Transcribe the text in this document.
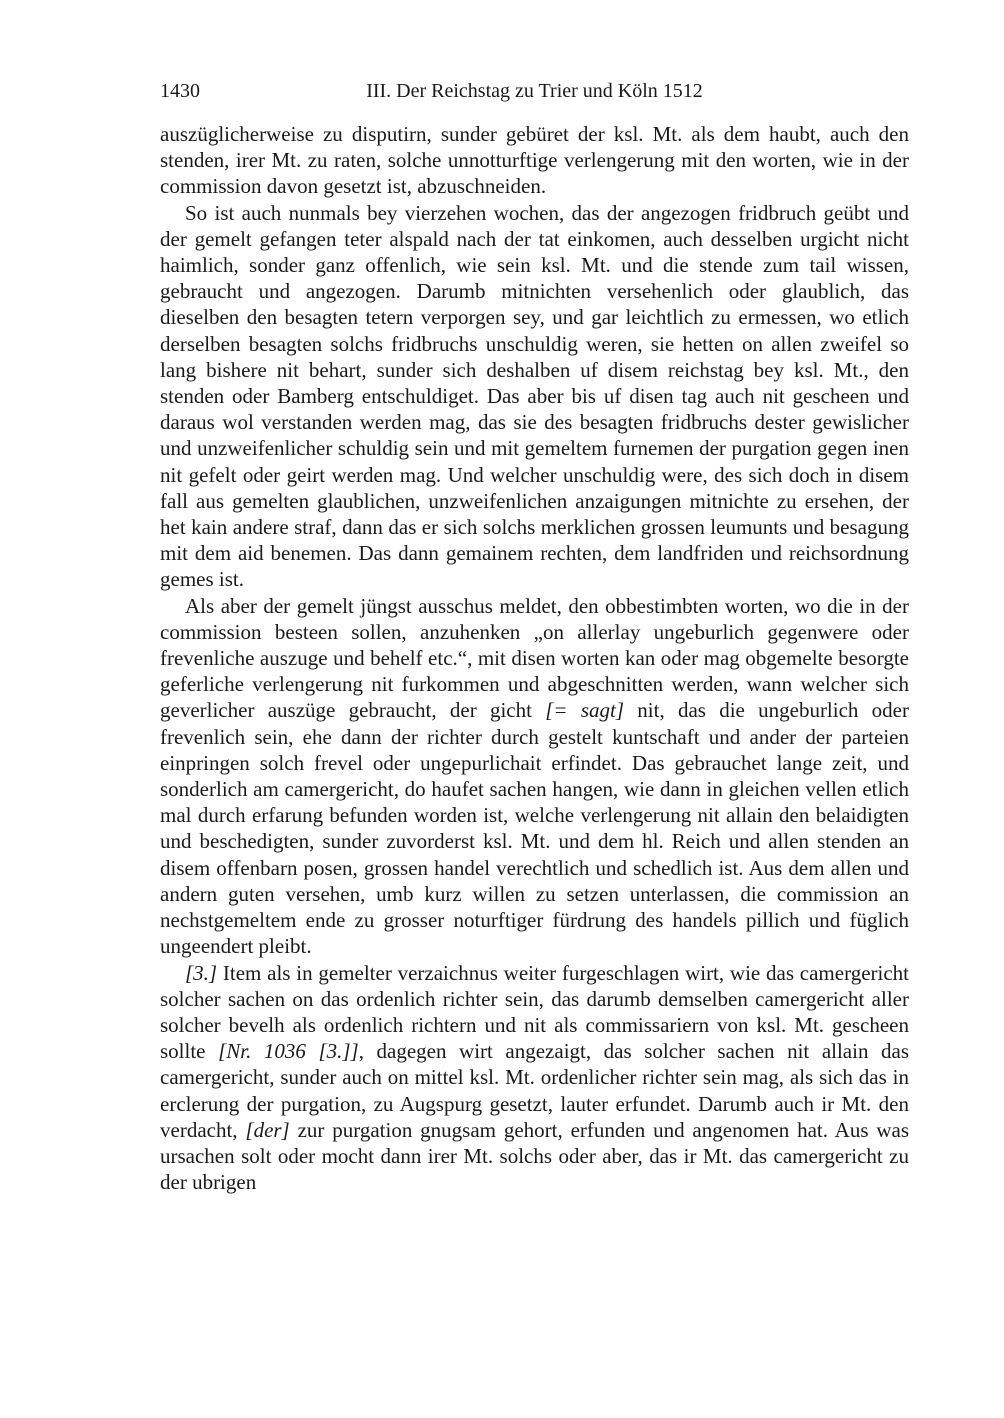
1430	III. Der Reichstag zu Trier und Köln 1512

auszüglicherweise zu disputirn, sunder gebüret der ksl. Mt. als dem haubt, auch den stenden, irer Mt. zu raten, solche unnotturftige verlengerung mit den worten, wie in der commission davon gesetzt ist, abzuschneiden.

So ist auch nunmals bey vierzehen wochen, das der angezogen fridbruch geübt und der gemelt gefangen teter alspald nach der tat einkomen, auch desselben urgicht nicht haimlich, sonder ganz offenlich, wie sein ksl. Mt. und die stende zum tail wissen, gebraucht und angezogen. Darumb mitnichten versehenlich oder glaublich, das dieselben den besagten tetern verporgen sey, und gar leichtlich zu ermessen, wo etlich derselben besagten solchs fridbruchs unschuldig weren, sie hetten on allen zweifel so lang bishere nit behart, sunder sich deshalben uf disem reichstag bey ksl. Mt., den stenden oder Bamberg entschuldiget. Das aber bis uf disen tag auch nit gescheen und daraus wol verstanden werden mag, das sie des besagten fridbruchs dester gewislicher und unzweifenlicher schuldig sein und mit gemeltem furnemen der purgation gegen inen nit gefelt oder geirt werden mag. Und welcher unschuldig were, des sich doch in disem fall aus gemelten glaublichen, unzweifenlichen anzaigungen mitnichte zu ersehen, der het kain andere straf, dann das er sich solchs merklichen grossen leumunts und besagung mit dem aid benemen. Das dann gemainem rechten, dem landfriden und reichsordnung gemes ist.

Als aber der gemelt jüngst ausschus meldet, den obbestimbten worten, wo die in der commission besteen sollen, anzuhenken „on allerlay ungeburlich gegenwere oder frevenliche auszuge und behelf etc.“, mit disen worten kan oder mag obgemelte besorgte geferliche verlengerung nit furkommen und abgeschnitten werden, wann welcher sich geverlicher auszüge gebraucht, der gicht [= sagt] nit, das die ungeburlich oder frevenlich sein, ehe dann der richter durch gestelt kuntschaft und ander der parteien einpringen solch frevel oder ungepurlichait erfindet. Das gebrauchet lange zeit, und sonderlich am camergericht, do haufet sachen hangen, wie dann in gleichen vellen etlich mal durch erfarung befunden worden ist, welche verlengerung nit allain den belaidigten und beschedigten, sunder zuvorderst ksl. Mt. und dem hl. Reich und allen stenden an disem offenbarn posen, grossen handel verechtlich und schedlich ist. Aus dem allen und andern guten versehen, umb kurz willen zu setzen unterlassen, die commission an nechstgemeltem ende zu grosser noturftiger fürdrung des handels pillich und füglich ungeendert pleibt.

[3.] Item als in gemelter verzaichnus weiter furgeschlagen wirt, wie das camergericht solcher sachen on das ordenlich richter sein, das darumb demselben camergericht aller solcher bevelh als ordenlich richtern und nit als commissariern von ksl. Mt. gescheen sollte [Nr. 1036 [3.]], dagegen wirt angezaigt, das solcher sachen nit allain das camergericht, sunder auch on mittel ksl. Mt. ordenlicher richter sein mag, als sich das in erclerung der purgation, zu Augspurg gesetzt, lauter erfundet. Darumb auch ir Mt. den verdacht, [der] zur purgation gnugsam gehort, erfunden und angenomen hat. Aus was ursachen solt oder mocht dann irer Mt. solchs oder aber, das ir Mt. das camergericht zu der ubrigen
